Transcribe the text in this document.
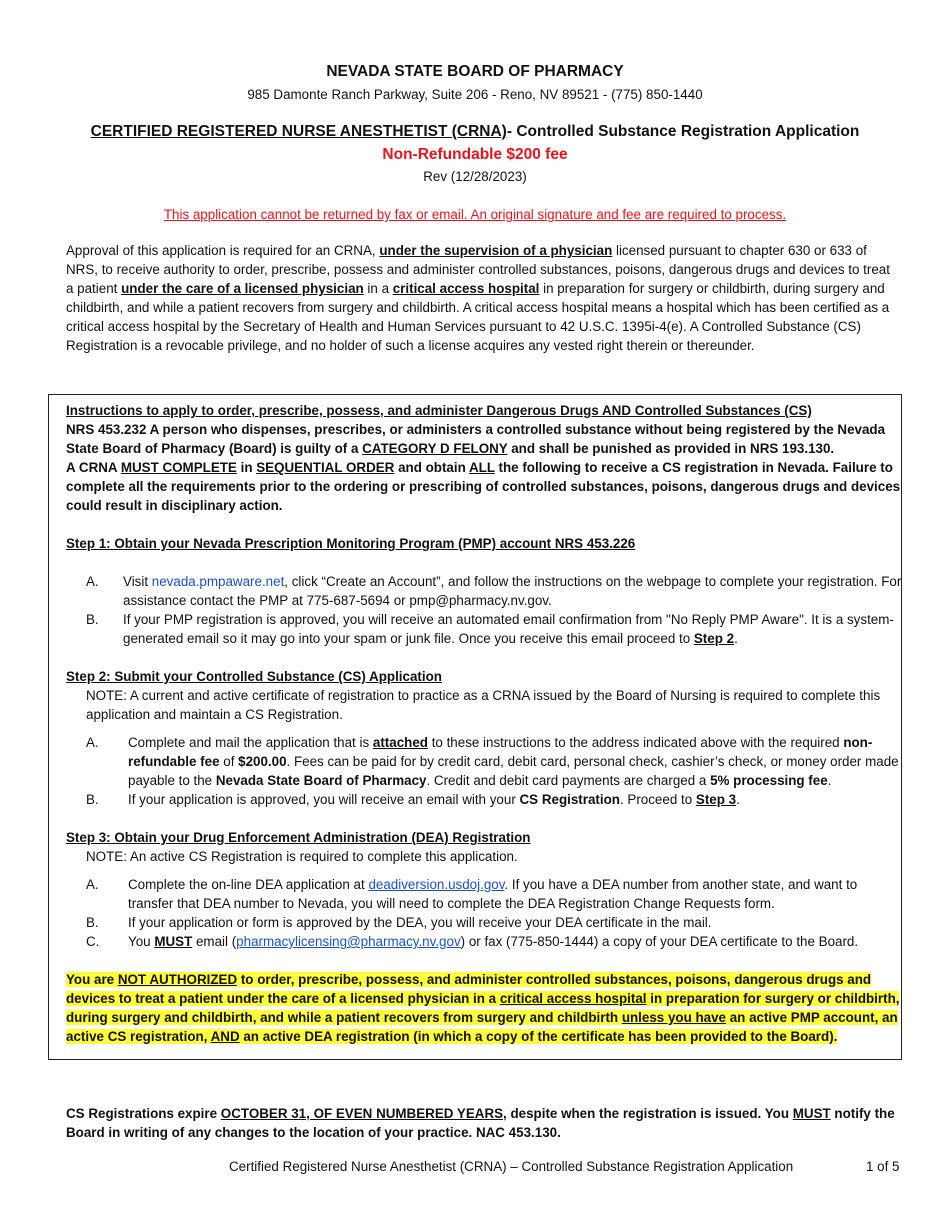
NEVADA STATE BOARD OF PHARMACY
985 Damonte Ranch Parkway, Suite 206 - Reno, NV 89521 - (775) 850-1440
CERTIFIED REGISTERED NURSE ANESTHETIST (CRNA)- Controlled Substance Registration Application
Non-Refundable $200 fee
Rev (12/28/2023)
This application cannot be returned by fax or email. An original signature and fee are required to process.
Approval of this application is required for an CRNA, under the supervision of a physician licensed pursuant to chapter 630 or 633 of NRS, to receive authority to order, prescribe, possess and administer controlled substances, poisons, dangerous drugs and devices to treat a patient under the care of a licensed physician in a critical access hospital in preparation for surgery or childbirth, during surgery and childbirth, and while a patient recovers from surgery and childbirth. A critical access hospital means a hospital which has been certified as a critical access hospital by the Secretary of Health and Human Services pursuant to 42 U.S.C. 1395i-4(e). A Controlled Substance (CS) Registration is a revocable privilege, and no holder of such a license acquires any vested right therein or thereunder.
Instructions to apply to order, prescribe, possess, and administer Dangerous Drugs AND Controlled Substances (CS)
NRS 453.232 A person who dispenses, prescribes, or administers a controlled substance without being registered by the Nevada State Board of Pharmacy (Board) is guilty of a CATEGORY D FELONY and shall be punished as provided in NRS 193.130.
A CRNA MUST COMPLETE in SEQUENTIAL ORDER and obtain ALL the following to receive a CS registration in Nevada. Failure to complete all the requirements prior to the ordering or prescribing of controlled substances, poisons, dangerous drugs and devices could result in disciplinary action.
Step 1: Obtain your Nevada Prescription Monitoring Program (PMP) account NRS 453.226
A. Visit nevada.pmpaware.net, click “Create an Account”, and follow the instructions on the webpage to complete your registration. For assistance contact the PMP at 775-687-5694 or pmp@pharmacy.nv.gov.
B. If your PMP registration is approved, you will receive an automated email confirmation from "No Reply PMP Aware". It is a system-generated email so it may go into your spam or junk file. Once you receive this email proceed to Step 2.
Step 2: Submit your Controlled Substance (CS) Application
NOTE: A current and active certificate of registration to practice as a CRNA issued by the Board of Nursing is required to complete this application and maintain a CS Registration.
A. Complete and mail the application that is attached to these instructions to the address indicated above with the required non-refundable fee of $200.00. Fees can be paid for by credit card, debit card, personal check, cashier’s check, or money order made payable to the Nevada State Board of Pharmacy. Credit and debit card payments are charged a 5% processing fee.
B. If your application is approved, you will receive an email with your CS Registration. Proceed to Step 3.
Step 3: Obtain your Drug Enforcement Administration (DEA) Registration
NOTE: An active CS Registration is required to complete this application.
A. Complete the on-line DEA application at deadiversion.usdoj.gov. If you have a DEA number from another state, and want to transfer that DEA number to Nevada, you will need to complete the DEA Registration Change Requests form.
B. If your application or form is approved by the DEA, you will receive your DEA certificate in the mail.
C. You MUST email (pharmacylicensing@pharmacy.nv.gov) or fax (775-850-1444) a copy of your DEA certificate to the Board.
You are NOT AUTHORIZED to order, prescribe, possess, and administer controlled substances, poisons, dangerous drugs and devices to treat a patient under the care of a licensed physician in a critical access hospital in preparation for surgery or childbirth, during surgery and childbirth, and while a patient recovers from surgery and childbirth unless you have an active PMP account, an active CS registration, AND an active DEA registration (in which a copy of the certificate has been provided to the Board).
CS Registrations expire OCTOBER 31, OF EVEN NUMBERED YEARS, despite when the registration is issued. You MUST notify the Board in writing of any changes to the location of your practice. NAC 453.130.
Certified Registered Nurse Anesthetist (CRNA) – Controlled Substance Registration Application	1 of 5
